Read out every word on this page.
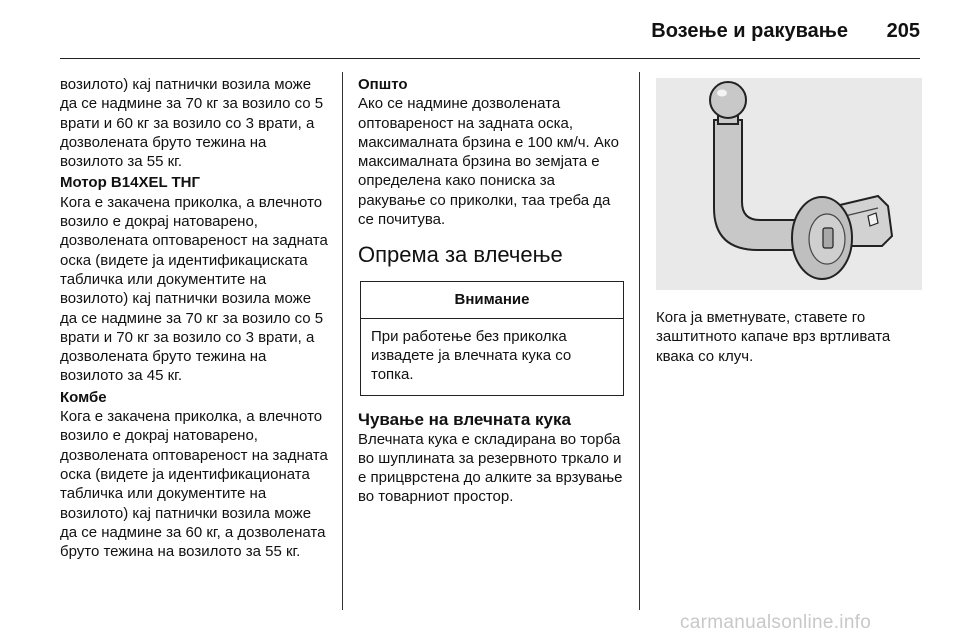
Возење и ракување 205

возилото) кај патнички возила може да се надмине за 70 кг за возило со 5 врати и 60 кг за возило со 3 врати, а дозволената бруто тежина на возилото за 55 кг.

Мотор B14XEL ТНГ

Кога е закачена приколка, а влечното возило е докрај натоварено, дозволената оптовареност на задната оска (видете ја идентификациската табличка или документите на возилото) кај патнички возила може да се надмине за 70 кг за возило со 5 врати и 70 кг за возило со 3 врати, а дозволената бруто тежина на возилото за 45 кг.

Комбе

Кога е закачена приколка, а влечното возило е докрај натоварено, дозволената оптовареност на задната оска (видете ја идентификационата табличка или документите на возилото) кај патнички возила може да се надмине за 60 кг, а дозволената бруто тежина на возилото за 55 кг.

Општо

Ако се надмине дозволената оптовареност на задната оска, максималната брзина е 100 км/ч. Ако максималната брзина во земјата е определена како пониска за ракување со приколки, таа треба да се почитува.

Опрема за влечење
Внимание
При работење без приколка извадете ја влечната кука со топка.
Чување на влечната кука

Влечната кука е складирана во торба во шуплината за резервното тркало и е прицврстена до алките за врзување во товарниот простор.

Кога ја вметнувате, ставете го заштитното капаче врз вртливата квака со клуч.

carmanualsonline.info
